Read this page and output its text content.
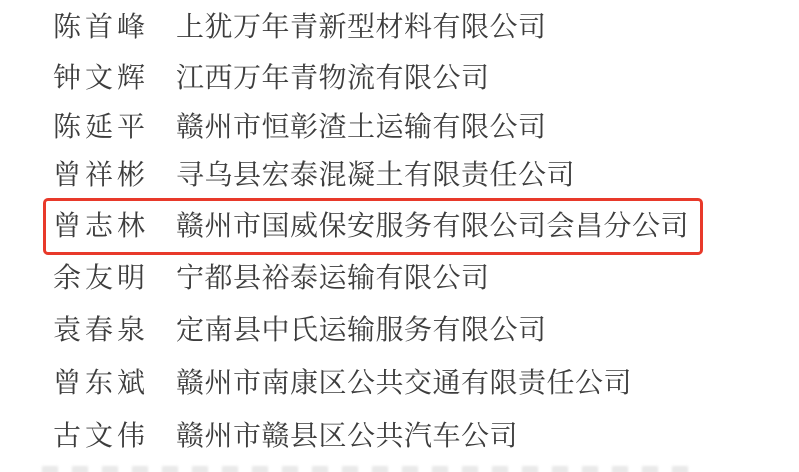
陈首峰 上犹万年青新型材料有限公司
钟文辉 江西万年青物流有限公司
陈延平 赣州市恒彰渣土运输有限公司
曾祥彬 寻乌县宏泰混凝土有限责任公司
曾志林 赣州市国威保安服务有限公司会昌分公司
余友明 宁都县裕泰运输有限公司
袁春泉 定南县中氏运输服务有限公司
曾东斌 赣州市南康区公共交通有限责任公司
古文伟 赣州市赣县区公共汽车公司
